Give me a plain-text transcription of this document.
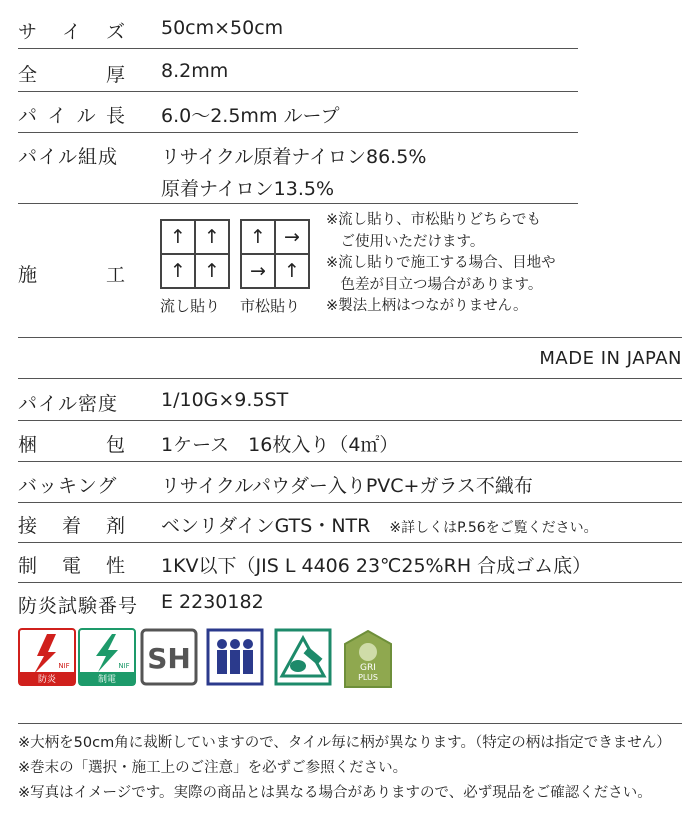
サ イ ズ 50cm×50cm
全	厚 8.2mm
パ イ ル 長 6.0〜2.5mm ループ
パイル組成 リサイクル原着ナイロン86.5%
原着ナイロン13.5%
施	工
↑ ↑
↑ ↑
流し貼り
↑ →
→ ↑
市松貼り
※流し貼り、市松貼りどちらでも
　ご使用いただけます。
※流し貼りで施工する場合、目地や
　色差が目立つ場合があります。
※製法上柄はつながりません。
MADE IN JAPAN
パイル密度 1/10G×9.5ST
梱	包 1ケース　16枚入り（4㎡）
バッキング リサイクルパウダー入りPVC+ガラス不織布
接 着 剤 ベンリダインGTS・NTR　 ※詳しくはP.56をご覧ください。
制 電 性 1KV以下（JIS L 4406 23℃25%RH 合成ゴム底）
防炎試験番号 E 2230182
防炎
NIF
制電
NIF SH	GRI
PLUS
※大柄を50cm角に裁断していますので、タイル毎に柄が異なります。（特定の柄は指定できません）
※巻末の「選択・施工上のご注意」を必ずご参照ください。
※写真はイメージです。実際の商品とは異なる場合がありますので、必ず現品をご確認ください。
